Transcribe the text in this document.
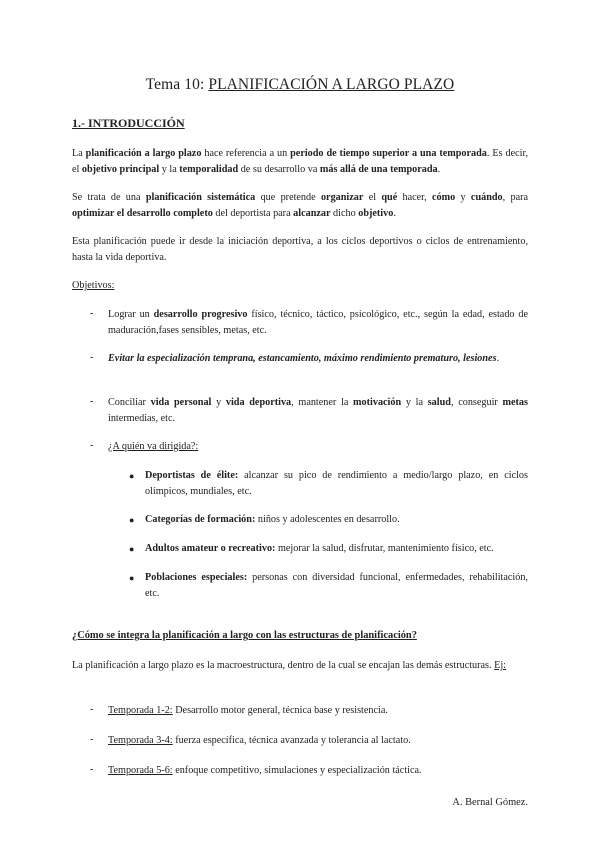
Tema 10: PLANIFICACIÓN A LARGO PLAZO
1.- INTRODUCCIÓN
La planificación a largo plazo hace referencia a un periodo de tiempo superior a una temporada. Es decir, el objetivo principal y la temporalidad de su desarrollo va más allá de una temporada.
Se trata de una planificación sistemática que pretende organizar el qué hacer, cómo y cuándo, para optimizar el desarrollo completo del deportista para alcanzar dicho objetivo.
Esta planificación puede ir desde la iniciación deportiva, a los ciclos deportivos o ciclos de entrenamiento, hasta la vida deportiva.
Objetivos:
- Lograr un desarrollo progresivo físico, técnico, táctico, psicológico, etc., según la edad, estado de maduración,fases sensibles, metas, etc.
- Evitar la especialización temprana, estancamiento, máximo rendimiento prematuro, lesiones.
- Conciliar vida personal y vida deportiva, mantener la motivación y la salud, conseguir metas intermedias, etc.
- ¿A quién va dirigida?:
● Deportistas de élite: alcanzar su pico de rendimiento a medio/largo plazo, en ciclos olímpicos, mundiales, etc.
● Categorías de formación: niños y adolescentes en desarrollo.
● Adultos amateur o recreativo: mejorar la salud, disfrutar, mantenimiento físico, etc.
● Poblaciones especiales: personas con diversidad funcional, enfermedades, rehabilitación, etc.
¿Cómo se integra la planificación a largo con las estructuras de planificación?
La planificación a largo plazo es la macroestructura, dentro de la cual se encajan las demás estructuras. Ej:
- Temporada 1-2: Desarrollo motor general, técnica base y resistencia.
- Temporada 3-4: fuerza específica, técnica avanzada y tolerancia al lactato.
- Temporada 5-6: enfoque competitivo, simulaciones y especialización táctica.
A. Bernal Gómez.
